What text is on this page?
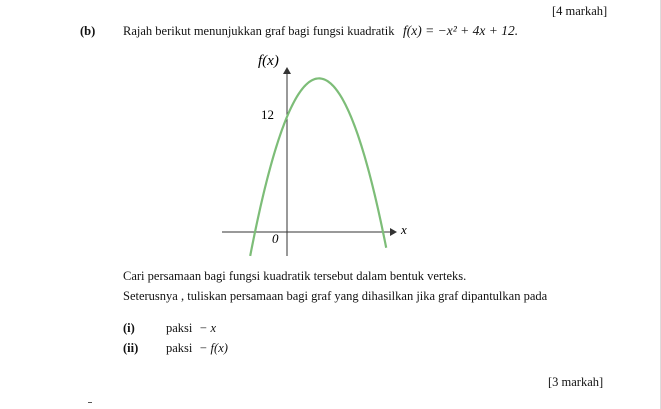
[4 markah]
(b) Rajah berikut menunjukkan graf bagi fungsi kuadratik f(x) = −x² + 4x + 12.
f(x)
x
12
0
Cari persamaan bagi fungsi kuadratik tersebut dalam bentuk verteks.
Seterusnya , tuliskan persamaan bagi graf yang dihasilkan jika graf dipantulkan pada
(i) paksi − x
(ii) paksi − f(x)
[3 markah]
